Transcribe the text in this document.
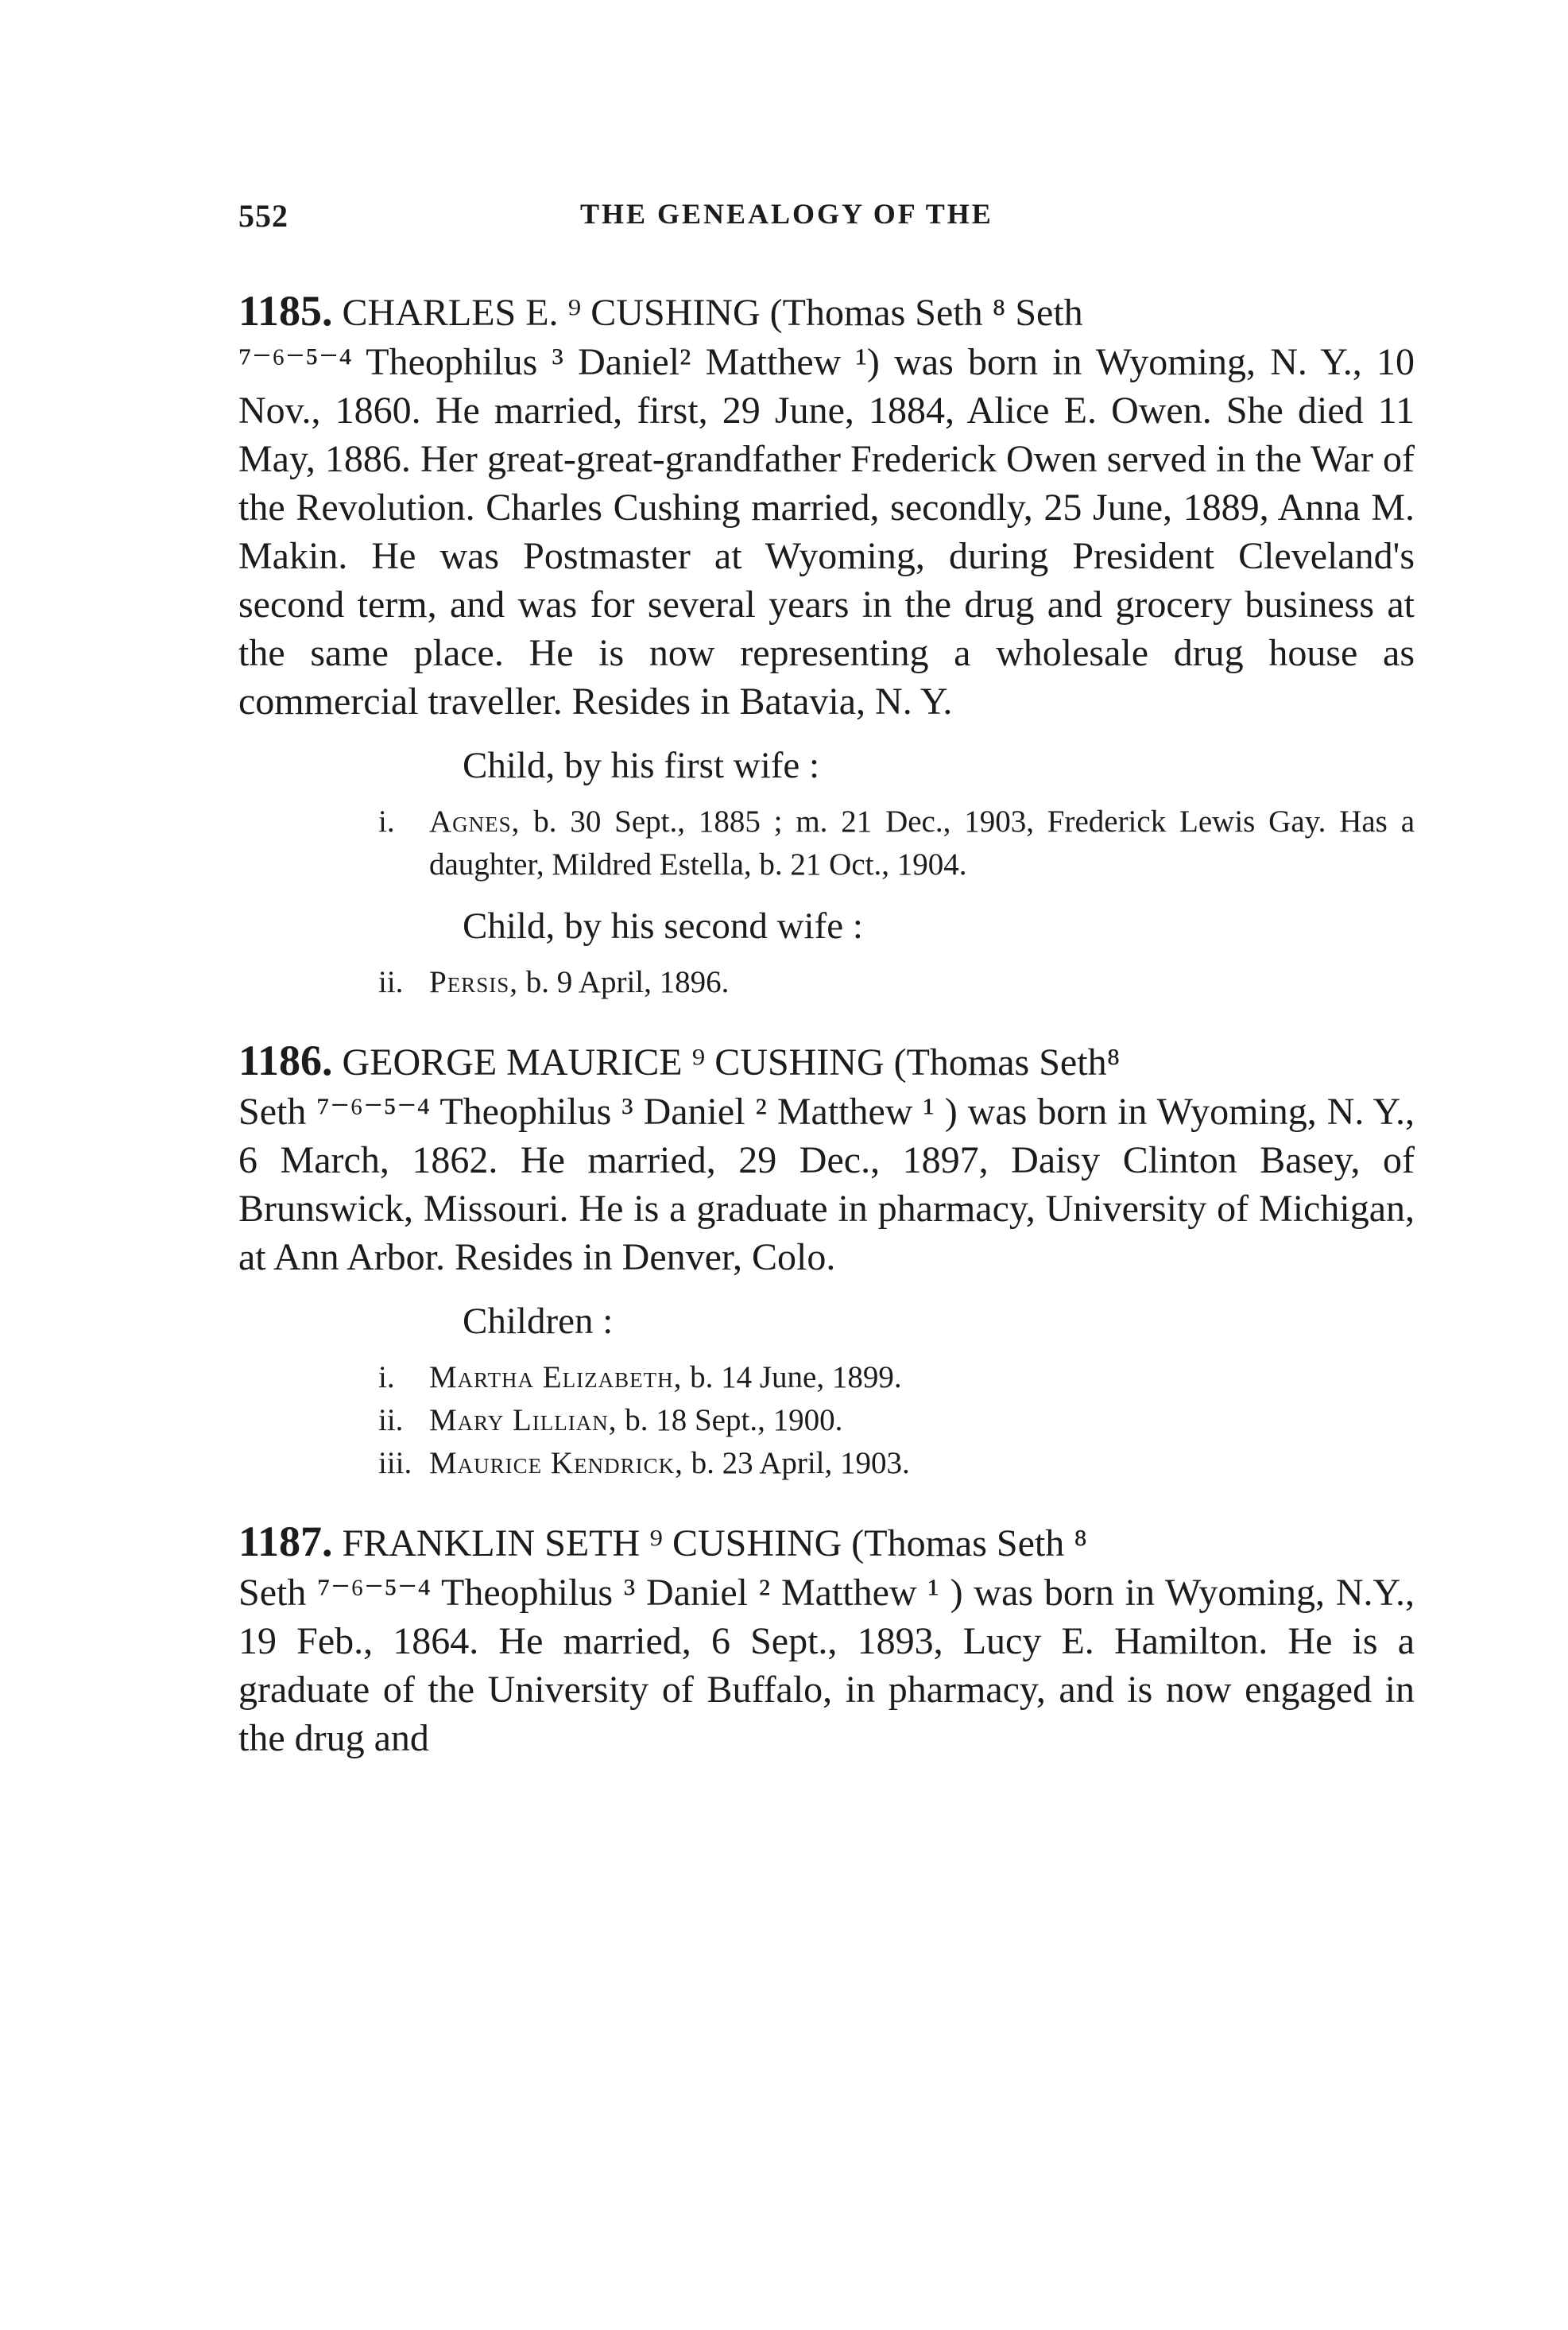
552	THE GENEALOGY OF THE

1185. CHARLES E. ⁹ CUSHING (Thomas Seth ⁸ Seth

⁷⁻⁶⁻⁵⁻⁴ Theophilus ³ Daniel² Matthew ¹) was born in Wyoming, N. Y., 10 Nov., 1860. He married, first, 29 June, 1884, Alice E. Owen. She died 11 May, 1886. Her great-great-grandfather Frederick Owen served in the War of the Revolution. Charles Cushing married, secondly, 25 June, 1889, Anna M. Makin. He was Postmaster at Wyoming, during President Cleveland's second term, and was for several years in the drug and grocery business at the same place. He is now representing a wholesale drug house as commercial traveller. Resides in Batavia, N. Y.

Child, by his first wife :
i. Agnes, b. 30 Sept., 1885 ; m. 21 Dec., 1903, Frederick Lewis Gay. Has a daughter, Mildred Estella, b. 21 Oct., 1904.
Child, by his second wife :
ii. Persis, b. 9 April, 1896.

1186. GEORGE MAURICE ⁹ CUSHING (Thomas Seth⁸

Seth ⁷⁻⁶⁻⁵⁻⁴ Theophilus ³ Daniel ² Matthew ¹ ) was born in Wyoming, N. Y., 6 March, 1862. He married, 29 Dec., 1897, Daisy Clinton Basey, of Brunswick, Missouri. He is a graduate in pharmacy, University of Michigan, at Ann Arbor. Resides in Denver, Colo.

Children :
i. Martha Elizabeth, b. 14 June, 1899.
ii. Mary Lillian, b. 18 Sept., 1900.
iii. Maurice Kendrick, b. 23 April, 1903.

1187. FRANKLIN SETH ⁹ CUSHING (Thomas Seth ⁸

Seth ⁷⁻⁶⁻⁵⁻⁴ Theophilus ³ Daniel ² Matthew ¹ ) was born in Wyoming, N.Y., 19 Feb., 1864. He married, 6 Sept., 1893, Lucy E. Hamilton. He is a graduate of the University of Buffalo, in pharmacy, and is now engaged in the drug and
